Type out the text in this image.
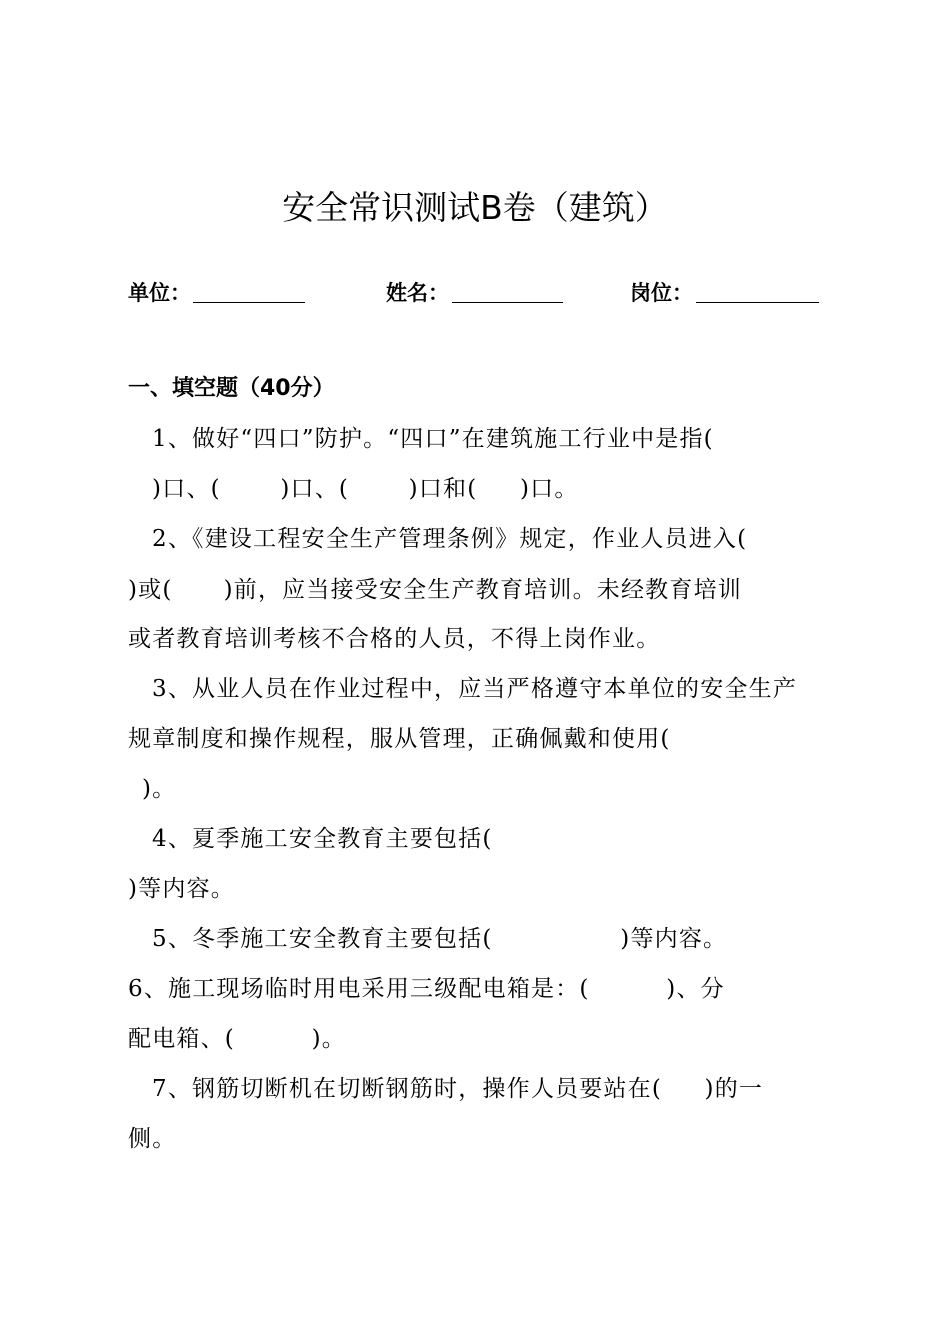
安全常识测试B卷（建筑）
单位：	姓名：	岗位：
一、填空题（40分）
1、做好“四口”防护。“四口”在建筑施工行业中是指(
)口、(       )口、(       )口和(     )口。
2、《建设工程安全生产管理条例》规定，作业人员进入(
)或(      )前，应当接受安全生产教育培训。未经教育培训
或者教育培训考核不合格的人员，不得上岗作业。
3、从业人员在作业过程中，应当严格遵守本单位的安全生产
规章制度和操作规程，服从管理，正确佩戴和使用(
)。
4、夏季施工安全教育主要包括(
)等内容。
5、冬季施工安全教育主要包括(               )等内容。
6、施工现场临时用电采用三级配电箱是：(         )、分
配电箱、(         )。
7、钢筋切断机在切断钢筋时，操作人员要站在(     )的一
侧。
